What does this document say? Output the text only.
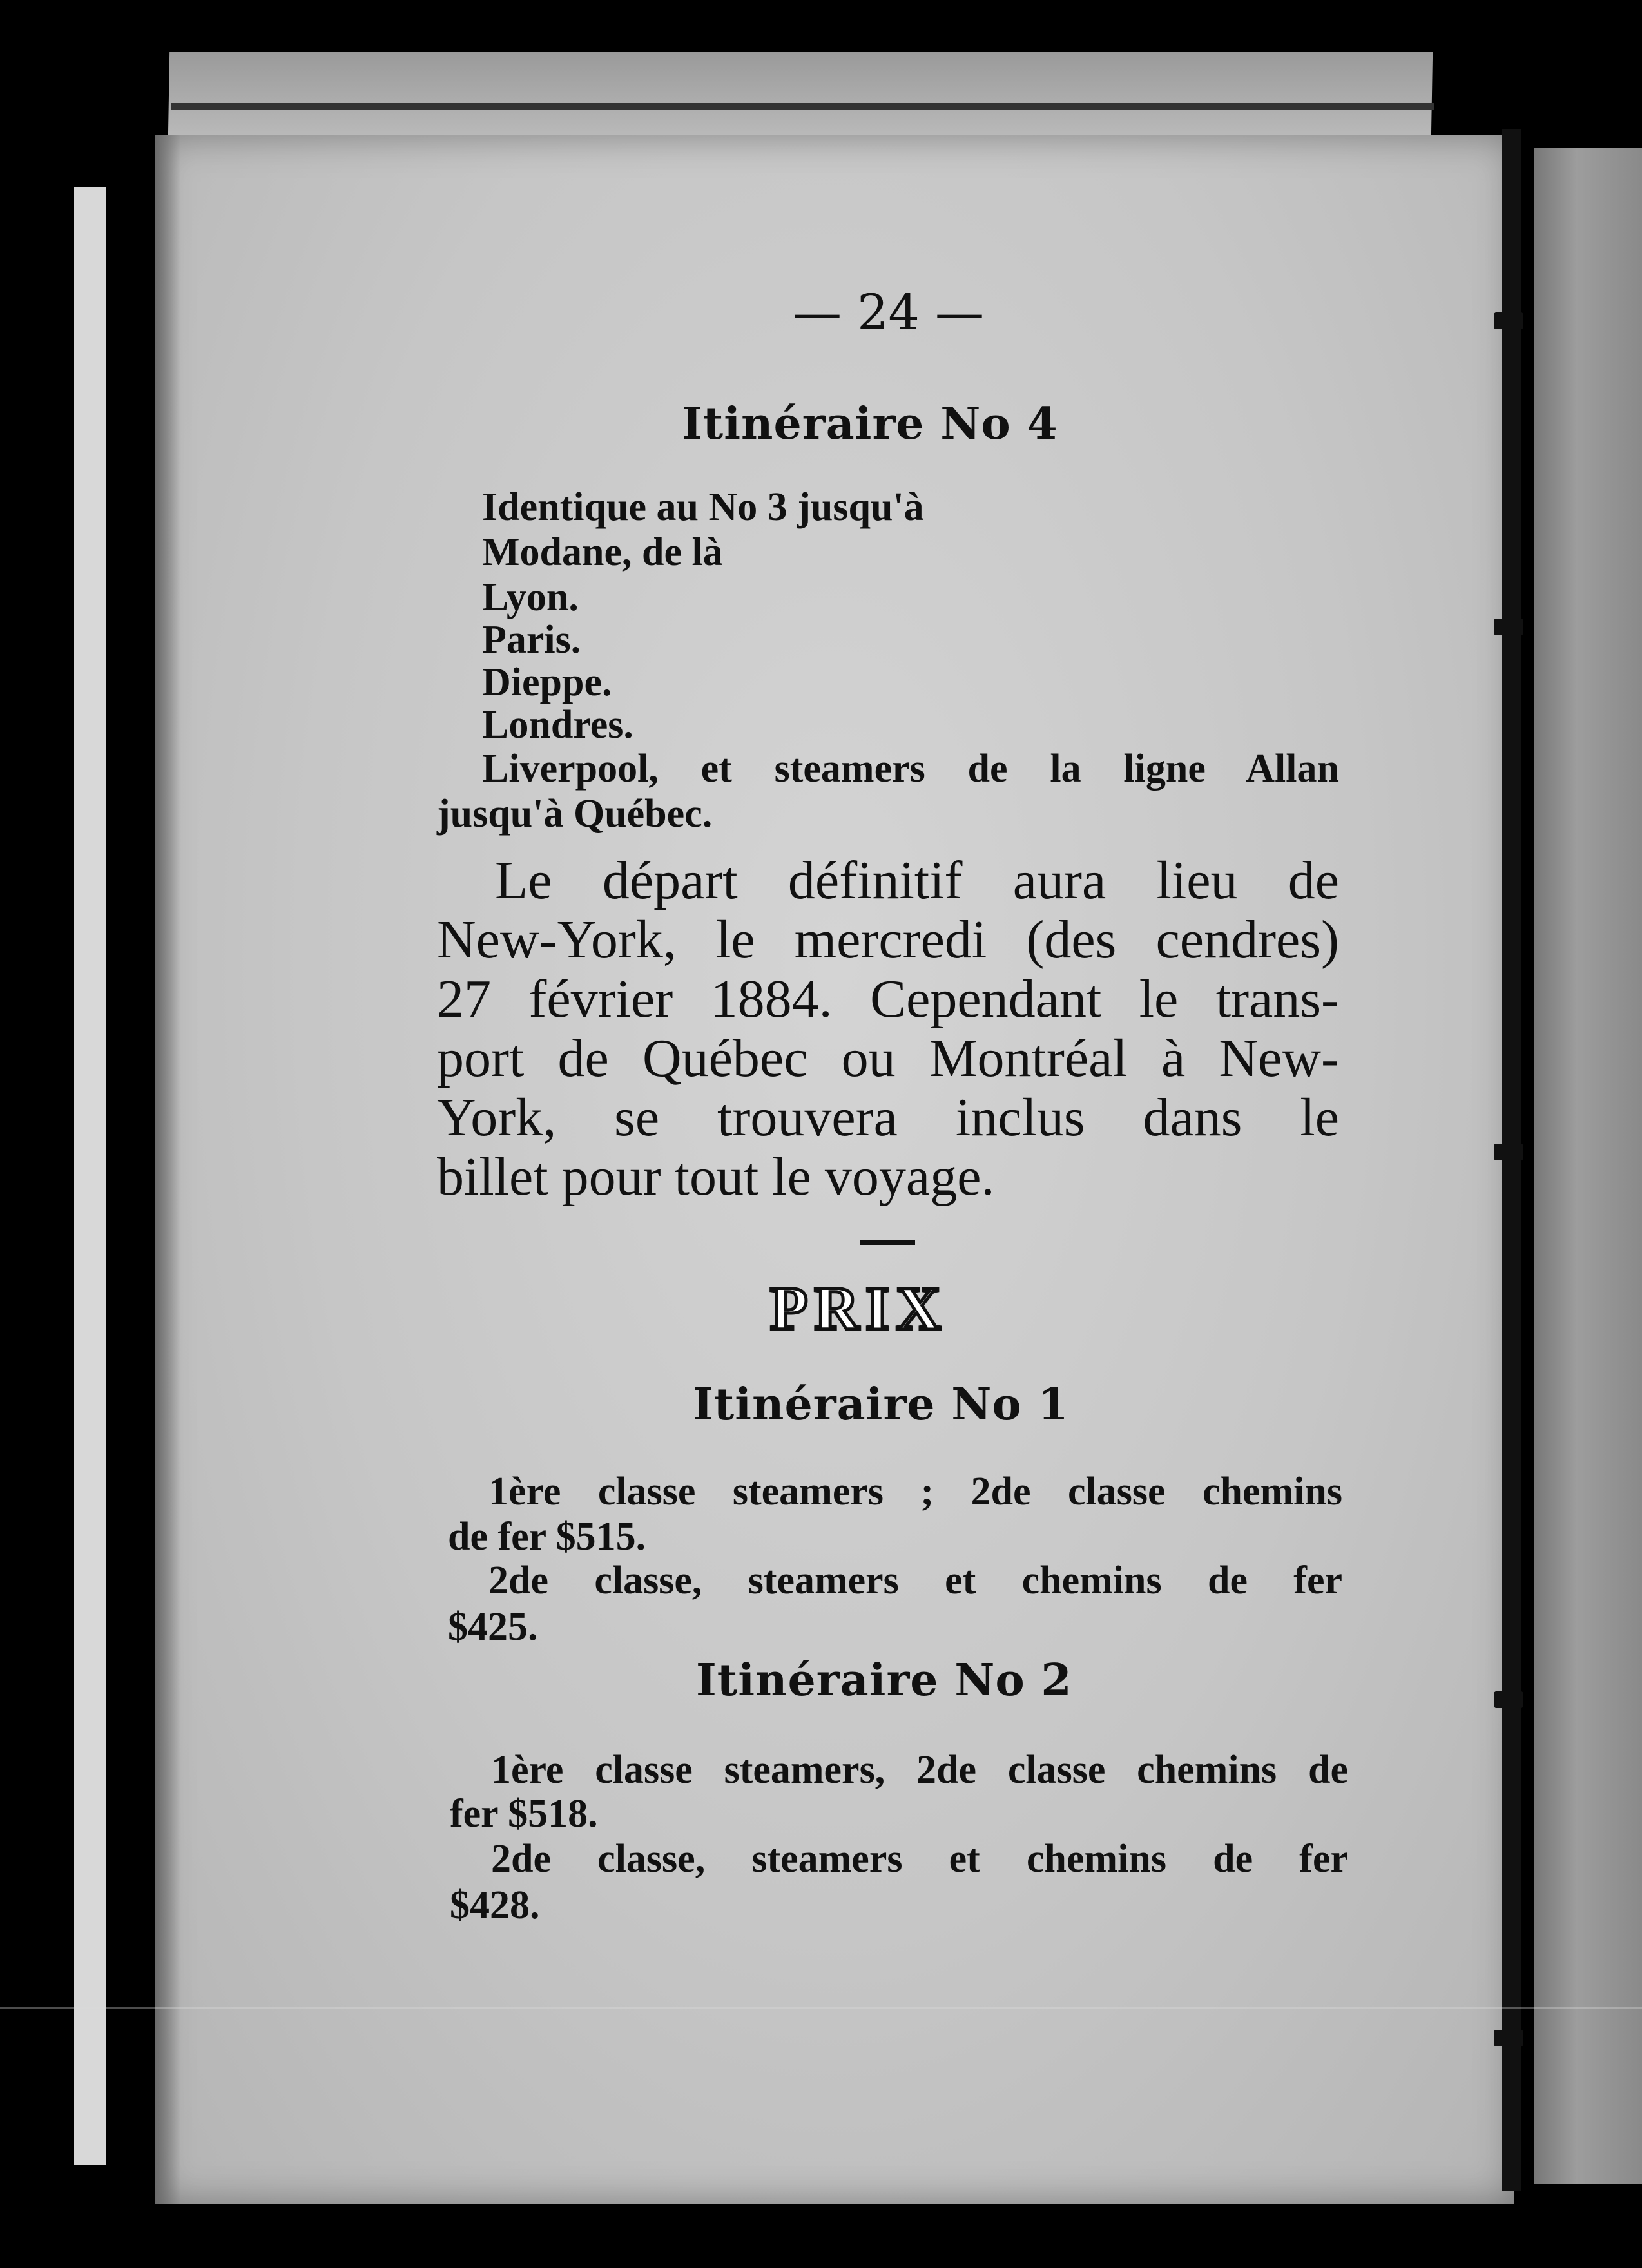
— 24 —

Itinéraire No 4

Identique au No 3 jusqu'à

Modane, de là

Lyon.

Paris.

Dieppe.

Londres.

Liverpool, et steamers de la ligne Allan

jusqu'à Québec.

Le départ définitif aura lieu de

New-York, le mercredi (des cendres)

27 février 1884. Cependant le trans-

port de Québec ou Montréal à New-

York, se trouvera inclus dans le

billet pour tout le voyage.

PRIX

Itinéraire No 1

1ère classe steamers ; 2de classe chemins

de fer $515.

2de classe, steamers et chemins de fer

$425.

Itinéraire No 2

1ère classe steamers, 2de classe chemins de

fer $518.

2de classe, steamers et chemins de fer

$428.
